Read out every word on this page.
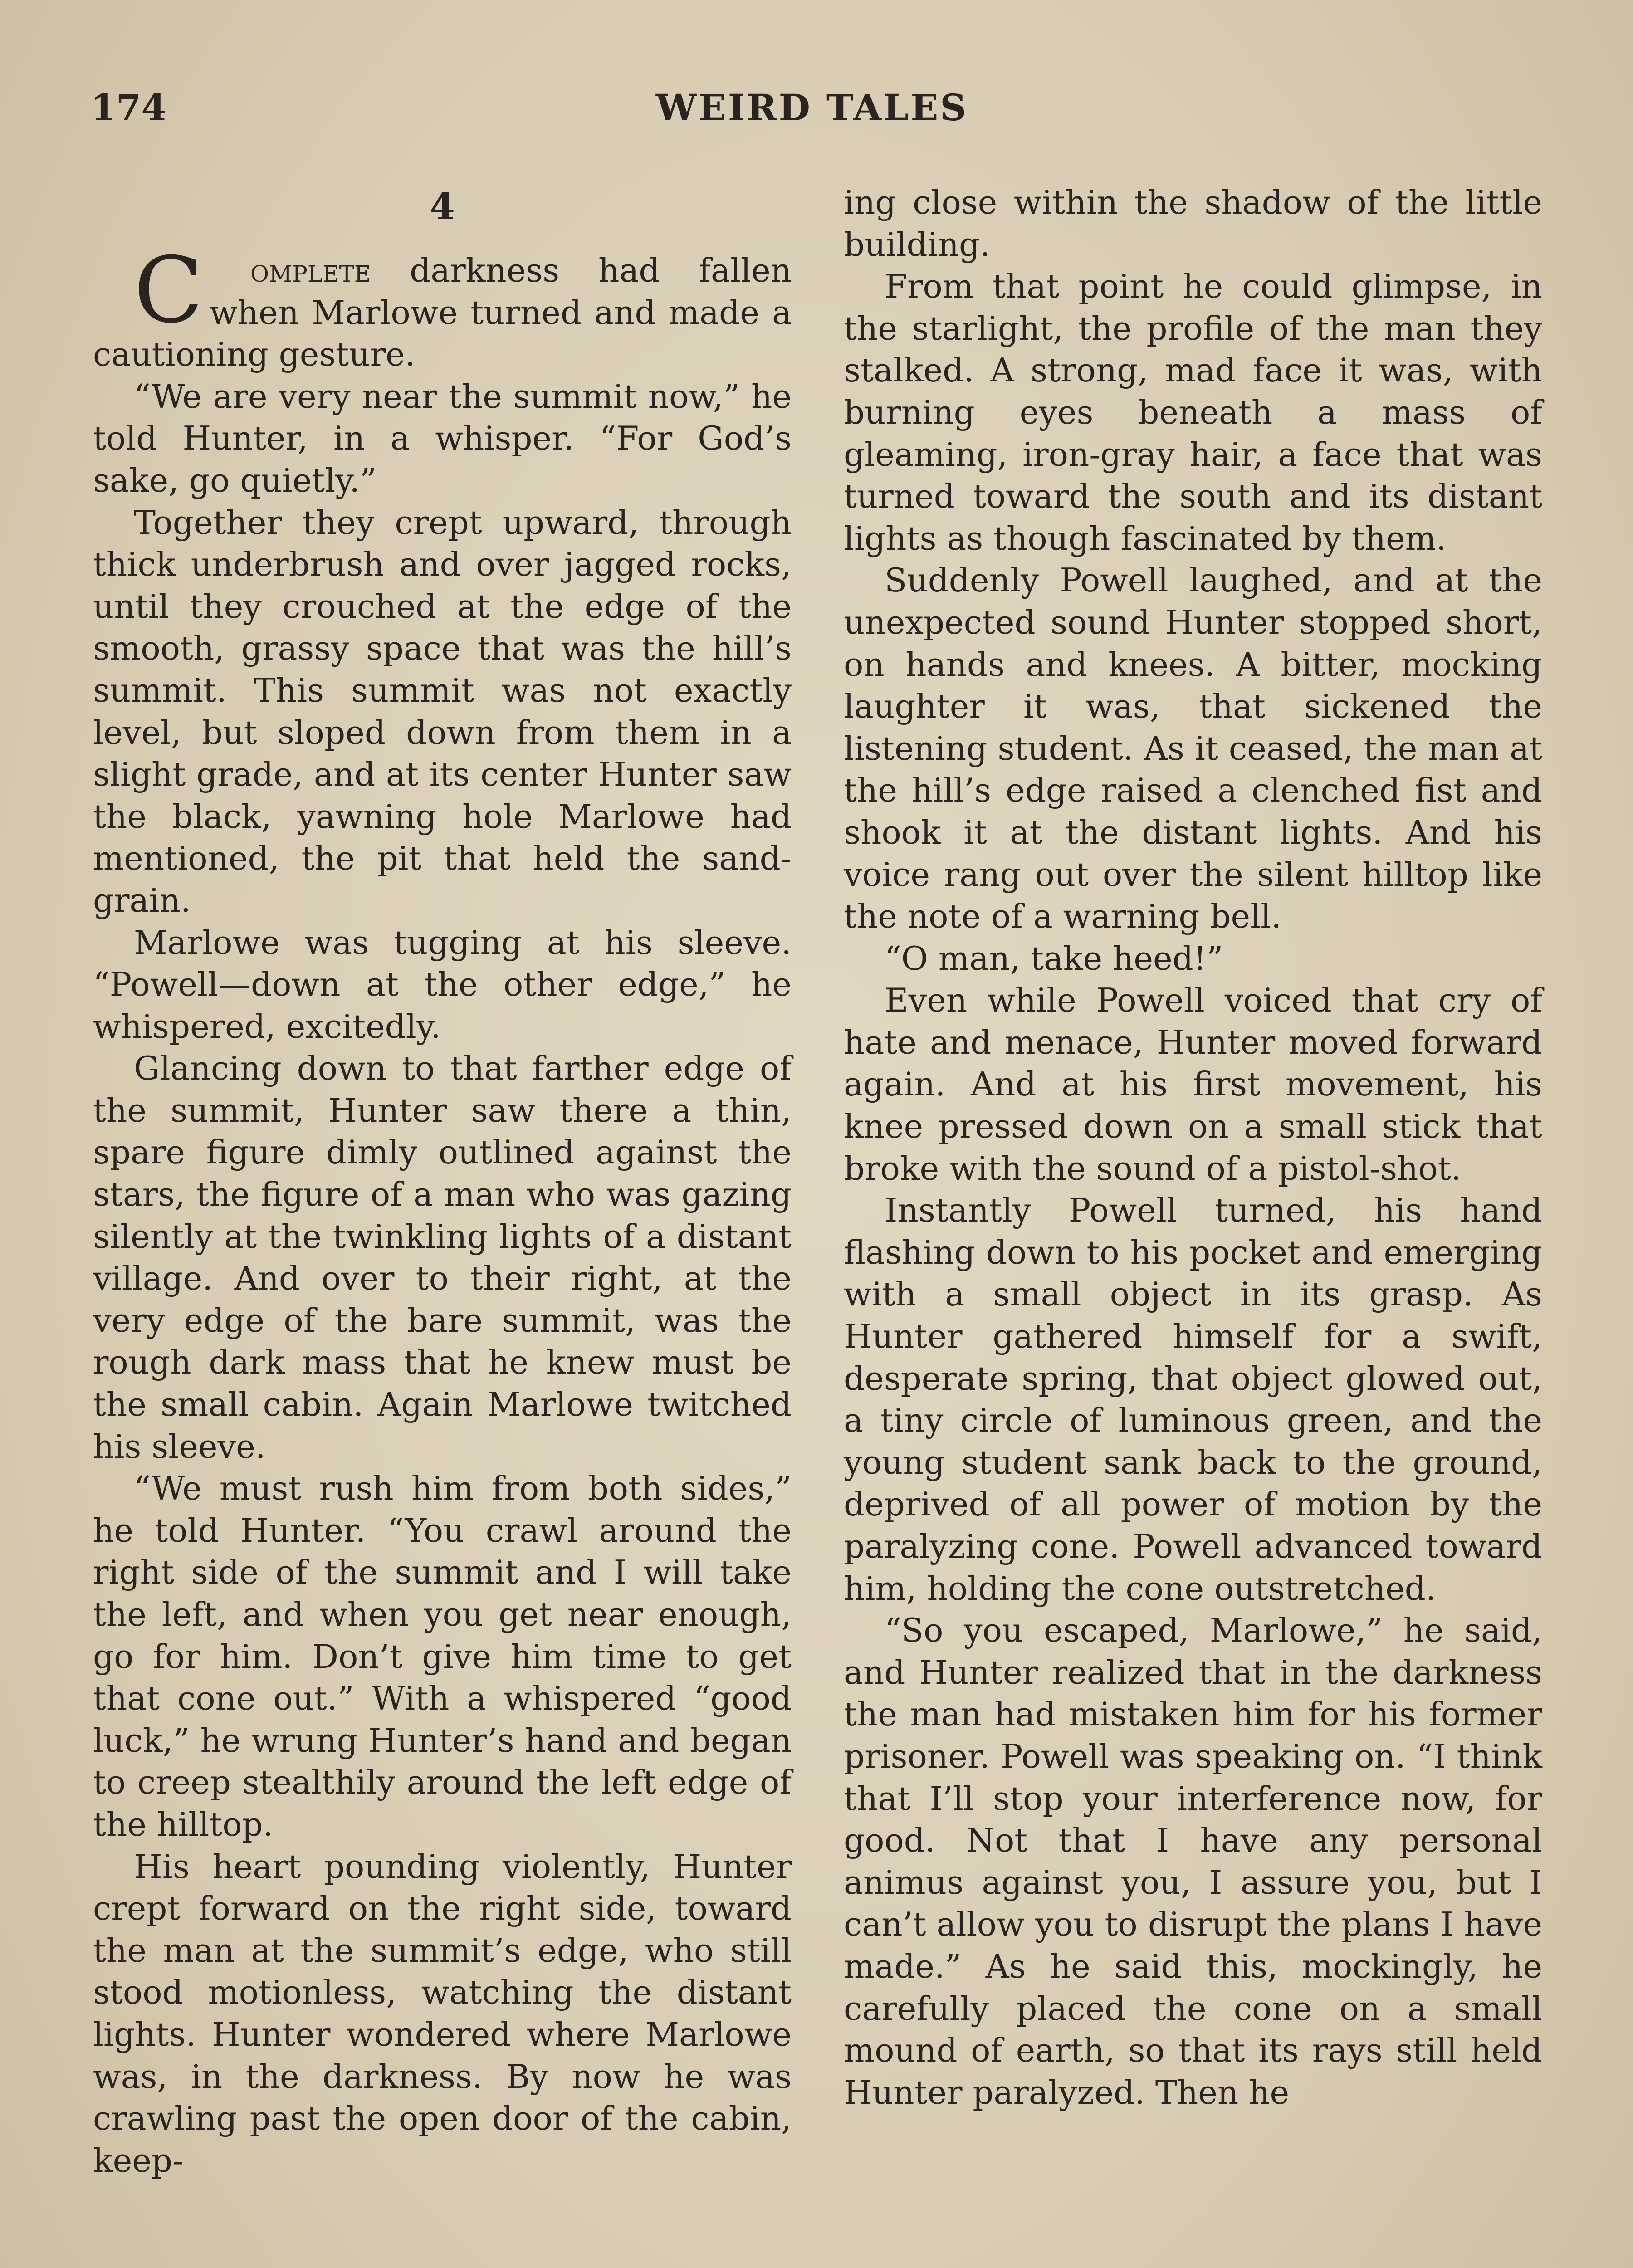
174	WEIRD TALES
4

C omplete darkness had fallen when Marlowe turned and made a cautioning gesture.

“We are very near the summit now,” he told Hunter, in a whisper. “For God’s sake, go quietly.”

Together they crept upward, through thick underbrush and over jagged rocks, until they crouched at the edge of the smooth, grassy space that was the hill’s summit. This summit was not exactly level, but sloped down from them in a slight grade, and at its center Hunter saw the black, yawning hole Marlowe had mentioned, the pit that held the sand-grain.

Marlowe was tugging at his sleeve. “Powell—down at the other edge,” he whispered, excitedly.

Glancing down to that farther edge of the summit, Hunter saw there a thin, spare figure dimly outlined against the stars, the figure of a man who was gazing silently at the twinkling lights of a distant village. And over to their right, at the very edge of the bare summit, was the rough dark mass that he knew must be the small cabin. Again Marlowe twitched his sleeve.

“We must rush him from both sides,” he told Hunter. “You crawl around the right side of the summit and I will take the left, and when you get near enough, go for him. Don’t give him time to get that cone out.” With a whispered “good luck,” he wrung Hunter’s hand and began to creep stealthily around the left edge of the hilltop.

His heart pounding violently, Hunter crept forward on the right side, toward the man at the summit’s edge, who still stood motionless, watching the distant lights. Hunter wondered where Marlowe was, in the darkness. By now he was crawling past the open door of the cabin, keep-

ing close within the shadow of the little building.

From that point he could glimpse, in the starlight, the profile of the man they stalked. A strong, mad face it was, with burning eyes beneath a mass of gleaming, iron-gray hair, a face that was turned toward the south and its distant lights as though fascinated by them.

Suddenly Powell laughed, and at the unexpected sound Hunter stopped short, on hands and knees. A bitter, mocking laughter it was, that sickened the listening student. As it ceased, the man at the hill’s edge raised a clenched fist and shook it at the distant lights. And his voice rang out over the silent hilltop like the note of a warning bell.

“O man, take heed!”

Even while Powell voiced that cry of hate and menace, Hunter moved forward again. And at his first movement, his knee pressed down on a small stick that broke with the sound of a pistol-shot.

Instantly Powell turned, his hand flashing down to his pocket and emerging with a small object in its grasp. As Hunter gathered himself for a swift, desperate spring, that object glowed out, a tiny circle of luminous green, and the young student sank back to the ground, deprived of all power of motion by the paralyzing cone. Powell advanced toward him, holding the cone outstretched.

“So you escaped, Marlowe,” he said, and Hunter realized that in the darkness the man had mistaken him for his former prisoner. Powell was speaking on. “I think that I’ll stop your interference now, for good. Not that I have any personal animus against you, I assure you, but I can’t allow you to disrupt the plans I have made.” As he said this, mockingly, he carefully placed the cone on a small mound of earth, so that its rays still held Hunter paralyzed. Then he
